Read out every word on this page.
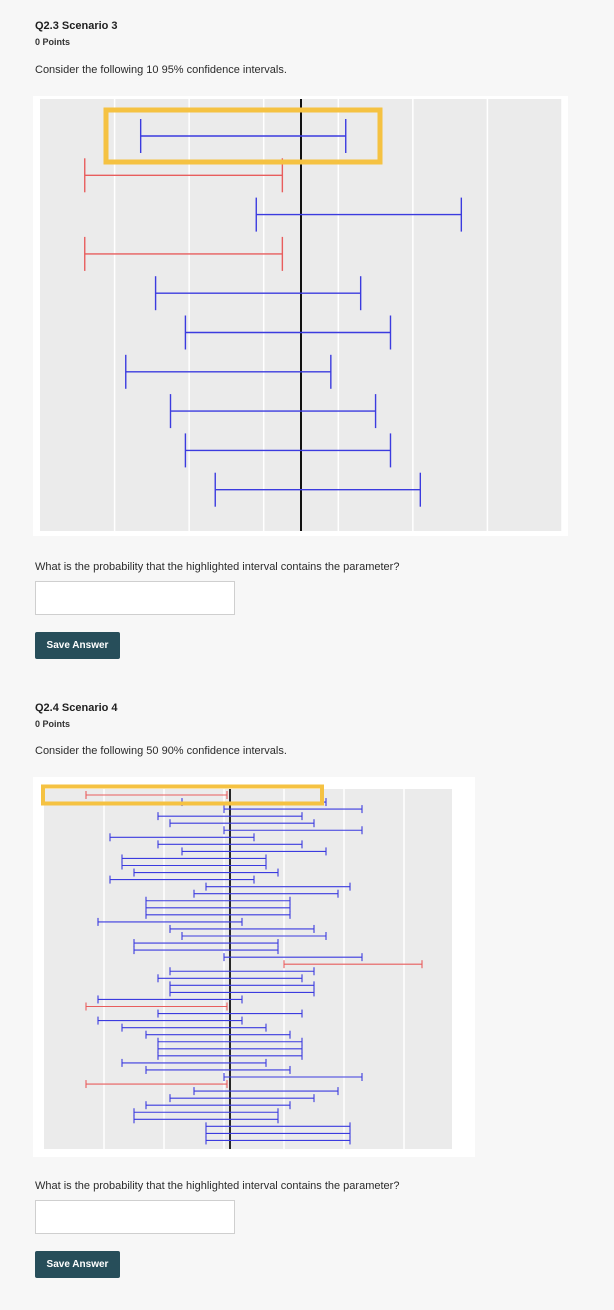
Q2.3 Scenario 3
0 Points
Consider the following 10 95% confidence intervals.
What is the probability that the highlighted interval contains the parameter?
Save Answer
Q2.4 Scenario 4
0 Points
Consider the following 50 90% confidence intervals.
What is the probability that the highlighted interval contains the parameter?
Save Answer
